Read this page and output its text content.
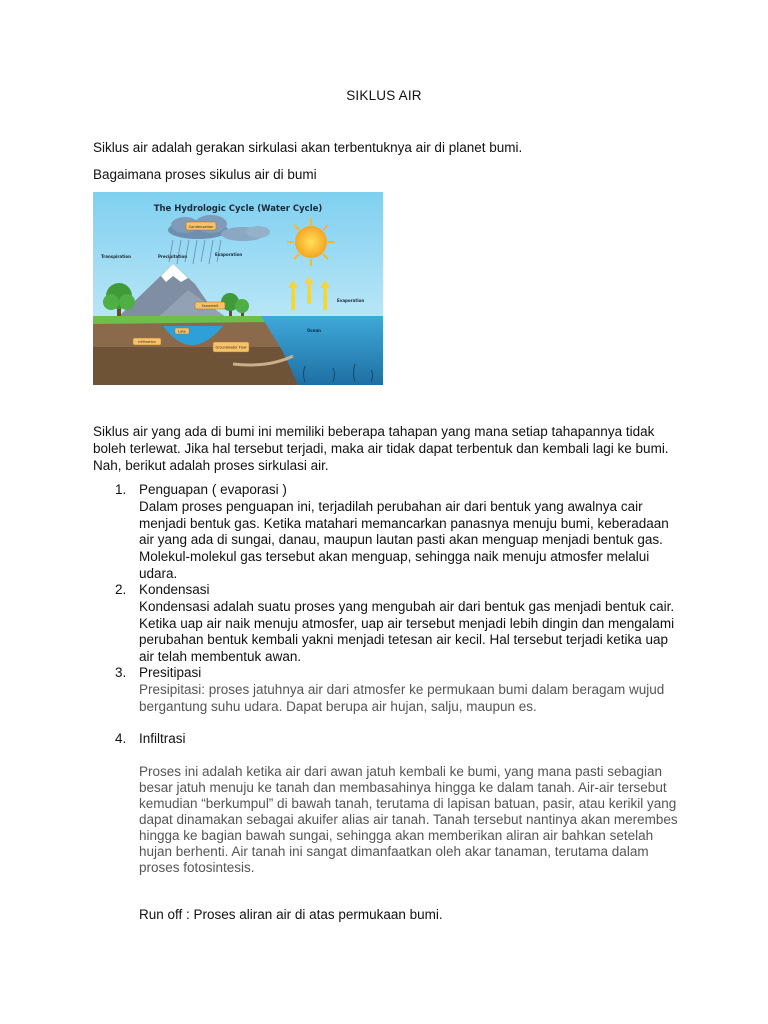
SIKLUS AIR

Siklus air adalah gerakan sirkulasi akan terbentuknya air di planet bumi.

Bagaimana proses sikulus air di bumi

The Hydrologic Cycle (Water Cycle)
Condensation
Transpiration	Precipitation	Evaporation
Evaporation
Ocean
Lake
Snowmelt
Infiltration
Groundwater Flow

Siklus air yang ada di bumi ini memiliki beberapa tahapan yang mana setiap tahapannya tidak boleh terlewat. Jika hal tersebut terjadi, maka air tidak dapat terbentuk dan kembali lagi ke bumi. Nah, berikut adalah proses sirkulasi air.

1. Penguapan ( evaporasi )
Dalam proses penguapan ini, terjadilah perubahan air dari bentuk yang awalnya cair menjadi bentuk gas. Ketika matahari memancarkan panasnya menuju bumi, keberadaan air yang ada di sungai, danau, maupun lautan pasti akan menguap menjadi bentuk gas. Molekul-molekul gas tersebut akan menguap, sehingga naik menuju atmosfer melalui udara.
2. Kondensasi
Kondensasi adalah suatu proses yang mengubah air dari bentuk gas menjadi bentuk cair. Ketika uap air naik menuju atmosfer, uap air tersebut menjadi lebih dingin dan mengalami perubahan bentuk kembali yakni menjadi tetesan air kecil. Hal tersebut terjadi ketika uap air telah membentuk awan.
3. Presitipasi
Presipitasi: proses jatuhnya air dari atmosfer ke permukaan bumi dalam beragam wujud bergantung suhu udara. Dapat berupa air hujan, salju, maupun es.
4. Infiltrasi
Proses ini adalah ketika air dari awan jatuh kembali ke bumi, yang mana pasti sebagian besar jatuh menuju ke tanah dan membasahinya hingga ke dalam tanah. Air-air tersebut kemudian “berkumpul” di bawah tanah, terutama di lapisan batuan, pasir, atau kerikil yang dapat dinamakan sebagai akuifer alias air tanah. Tanah tersebut nantinya akan merembes hingga ke bagian bawah sungai, sehingga akan memberikan aliran air bahkan setelah hujan berhenti. Air tanah ini sangat dimanfaatkan oleh akar tanaman, terutama dalam proses fotosintesis.

Run off : Proses aliran air di atas permukaan bumi.
